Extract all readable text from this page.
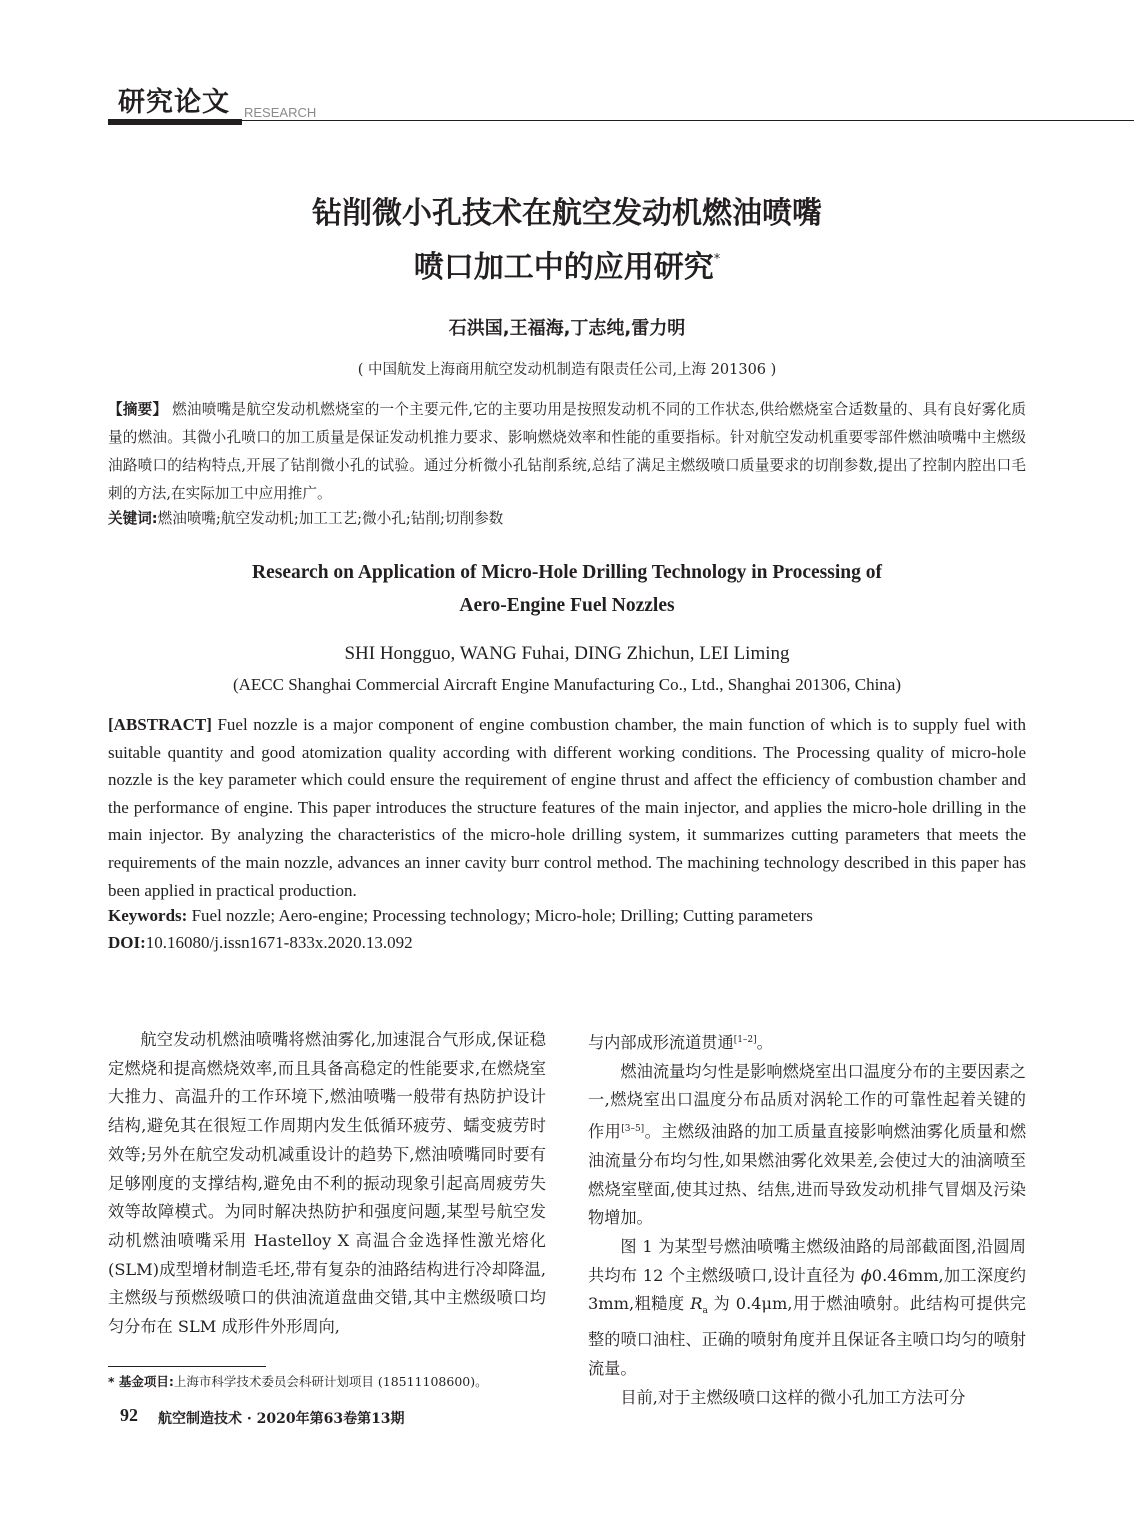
研究论文 RESEARCH
钻削微小孔技术在航空发动机燃油喷嘴
喷口加工中的应用研究*
石洪国,王福海,丁志纯,雷力明
( 中国航发上海商用航空发动机制造有限责任公司,上海 201306 )
【摘要】 燃油喷嘴是航空发动机燃烧室的一个主要元件,它的主要功用是按照发动机不同的工作状态,供给燃烧室合适数量的、具有良好雾化质量的燃油。其微小孔喷口的加工质量是保证发动机推力要求、影响燃烧效率和性能的重要指标。针对航空发动机重要零部件燃油喷嘴中主燃级油路喷口的结构特点,开展了钻削微小孔的试验。通过分析微小孔钻削系统,总结了满足主燃级喷口质量要求的切削参数,提出了控制内腔出口毛刺的方法,在实际加工中应用推广。
关键词:燃油喷嘴;航空发动机;加工工艺;微小孔;钻削;切削参数
Research on Application of Micro-Hole Drilling Technology in Processing of
Aero-Engine Fuel Nozzles
SHI Hongguo, WANG Fuhai, DING Zhichun, LEI Liming
(AECC Shanghai Commercial Aircraft Engine Manufacturing Co., Ltd., Shanghai 201306, China)
[ABSTRACT] Fuel nozzle is a major component of engine combustion chamber, the main function of which is to supply fuel with suitable quantity and good atomization quality according with different working conditions. The Processing quality of micro-hole nozzle is the key parameter which could ensure the requirement of engine thrust and affect the efficiency of combustion chamber and the performance of engine. This paper introduces the structure features of the main injector, and applies the micro-hole drilling in the main injector. By analyzing the characteristics of the micro-hole drilling system, it summarizes cutting parameters that meets the requirements of the main nozzle, advances an inner cavity burr control method. The machining technology described in this paper has been applied in practical production.
Keywords: Fuel nozzle; Aero-engine; Processing technology; Micro-hole; Drilling; Cutting parameters
DOI:10.16080/j.issn1671-833x.2020.13.092

航空发动机燃油喷嘴将燃油雾化,加速混合气形成,保证稳定燃烧和提高燃烧效率,而且具备高稳定的性能要求,在燃烧室大推力、高温升的工作环境下,燃油喷嘴一般带有热防护设计结构,避免其在很短工作周期内发生低循环疲劳、蠕变疲劳时效等;另外在航空发动机减重设计的趋势下,燃油喷嘴同时要有足够刚度的支撑结构,避免由不利的振动现象引起高周疲劳失效等故障模式。为同时解决热防护和强度问题,某型号航空发动机燃油喷嘴采用 Hastelloy X 高温合金选择性激光熔化(SLM)成型增材制造毛坯,带有复杂的油路结构进行冷却降温,主燃级与预燃级喷口的供油流道盘曲交错,其中主燃级喷口均匀分布在 SLM 成形件外形周向,

与内部成形流道贯通[1–2]。

燃油流量均匀性是影响燃烧室出口温度分布的主要因素之一,燃烧室出口温度分布品质对涡轮工作的可靠性起着关键的作用[3–5]。主燃级油路的加工质量直接影响燃油雾化质量和燃油流量分布均匀性,如果燃油雾化效果差,会使过大的油滴喷至燃烧室壁面,使其过热、结焦,进而导致发动机排气冒烟及污染物增加。

图 1 为某型号燃油喷嘴主燃级油路的局部截面图,沿圆周共均布 12 个主燃级喷口,设计直径为 ϕ0.46mm,加工深度约 3mm,粗糙度 $R_a$ 为 0.4μm,用于燃油喷射。此结构可提供完整的喷口油柱、正确的喷射角度并且保证各主喷口均匀的喷射流量。

目前,对于主燃级喷口这样的微小孔加工方法可分

* 基金项目:上海市科学技术委员会科研计划项目 (18511108600)。
92 航空制造技术 · 2020年第63卷第13期
